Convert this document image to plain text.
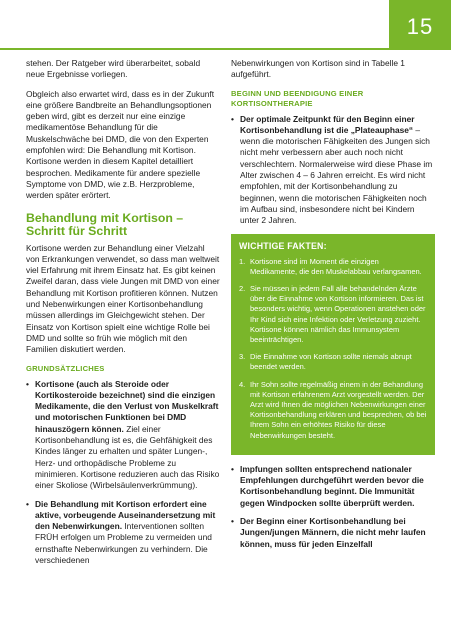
15

stehen. Der Ratgeber wird überarbeitet, sobald neue Ergebnisse vorliegen.

Obgleich also erwartet wird, dass es in der Zukunft eine größere Bandbreite an Behandlungsoptionen geben wird, gibt es derzeit nur eine einzige medikamentöse Behandlung für die Muskelschwäche bei DMD, die von den Experten empfohlen wird: Die Behandlung mit Kortison. Kortisone werden in diesem Kapitel detailliert besprochen. Medikamente für andere spezielle Symptome von DMD, wie z.B. Herzprobleme, werden später erörtert.

Behandlung mit Kortison – Schritt für Schritt

Kortisone werden zur Behandlung einer Vielzahl von Erkrankungen verwendet, so dass man weltweit viel Erfahrung mit ihrem Einsatz hat. Es gibt keinen Zweifel daran, dass viele Jungen mit DMD von einer Behandlung mit Kortison profitieren können. Nutzen und Nebenwirkungen einer Kortisonbehandlung müssen allerdings im Gleichgewicht stehen. Der Einsatz von Kortison spielt eine wichtige Rolle bei DMD und sollte so früh wie möglich mit den Familien diskutiert werden.

GRUNDSÄTZLICHES
• Kortisone (auch als Steroide oder Kortikosteroide bezeichnet) sind die einzigen Medikamente, die den Verlust von Muskelkraft und motorischen Funktionen bei DMD hinauszögern können. Ziel einer Kortisonbehandlung ist es, die Gehfähigkeit des Kindes länger zu erhalten und später Lungen-, Herz- und orthopädische Probleme zu minimieren. Kortisone reduzieren auch das Risiko einer Skoliose (Wirbelsäulenverkrümmung).
• Die Behandlung mit Kortison erfordert eine aktive, vorbeugende Auseinandersetzung mit den Nebenwirkungen. Interventionen sollten FRÜH erfolgen um Probleme zu vermeiden und ernsthafte Nebenwirkungen zu verhindern. Die verschiedenen

Nebenwirkungen von Kortison sind in Tabelle 1 aufgeführt.

BEGINN UND BEENDIGUNG EINER KORTISONTHERAPIE
• Der optimale Zeitpunkt für den Beginn einer Kortisonbehandlung ist die „Plateauphase“ – wenn die motorischen Fähigkeiten des Jungen sich nicht mehr verbessern aber auch noch nicht verschlechtern. Normalerweise wird diese Phase im Alter zwischen 4 – 6 Jahren erreicht. Es wird nicht empfohlen, mit der Kortisonbehandlung zu beginnen, wenn die motorischen Fähigkeiten noch im Aufbau sind, insbesondere nicht bei Kindern unter 2 Jahren.
WICHTIGE FAKTEN:
1. Kortisone sind im Moment die einzigen Medikamente, die den Muskelabbau verlangsamen.
2. Sie müssen in jedem Fall alle behandelnden Ärzte über die Einnahme von Kortison informieren. Das ist besonders wichtig, wenn Operationen anstehen oder Ihr Kind sich eine Infektion oder Verletzung zuzieht. Kortisone können nämlich das Immunsystem beeinträchtigen.
3. Die Einnahme von Kortison sollte niemals abrupt beendet werden.
4. Ihr Sohn sollte regelmäßig einem in der Behandlung mit Kortison erfahrenem Arzt vorgestellt werden. Der Arzt wird Ihnen die möglichen Nebenwirkungen einer Kortisonbehandlung erklären und besprechen, ob bei Ihrem Sohn ein erhöhtes Risiko für diese Nebenwirkungen besteht.
• Impfungen sollten entsprechend nationaler Empfehlungen durchgeführt werden bevor die Kortisonbehandlung beginnt. Die Immunität gegen Windpocken sollte überprüft werden.
• Der Beginn einer Kortisonbehandlung bei Jungen/jungen Männern, die nicht mehr laufen können, muss für jeden Einzelfall
